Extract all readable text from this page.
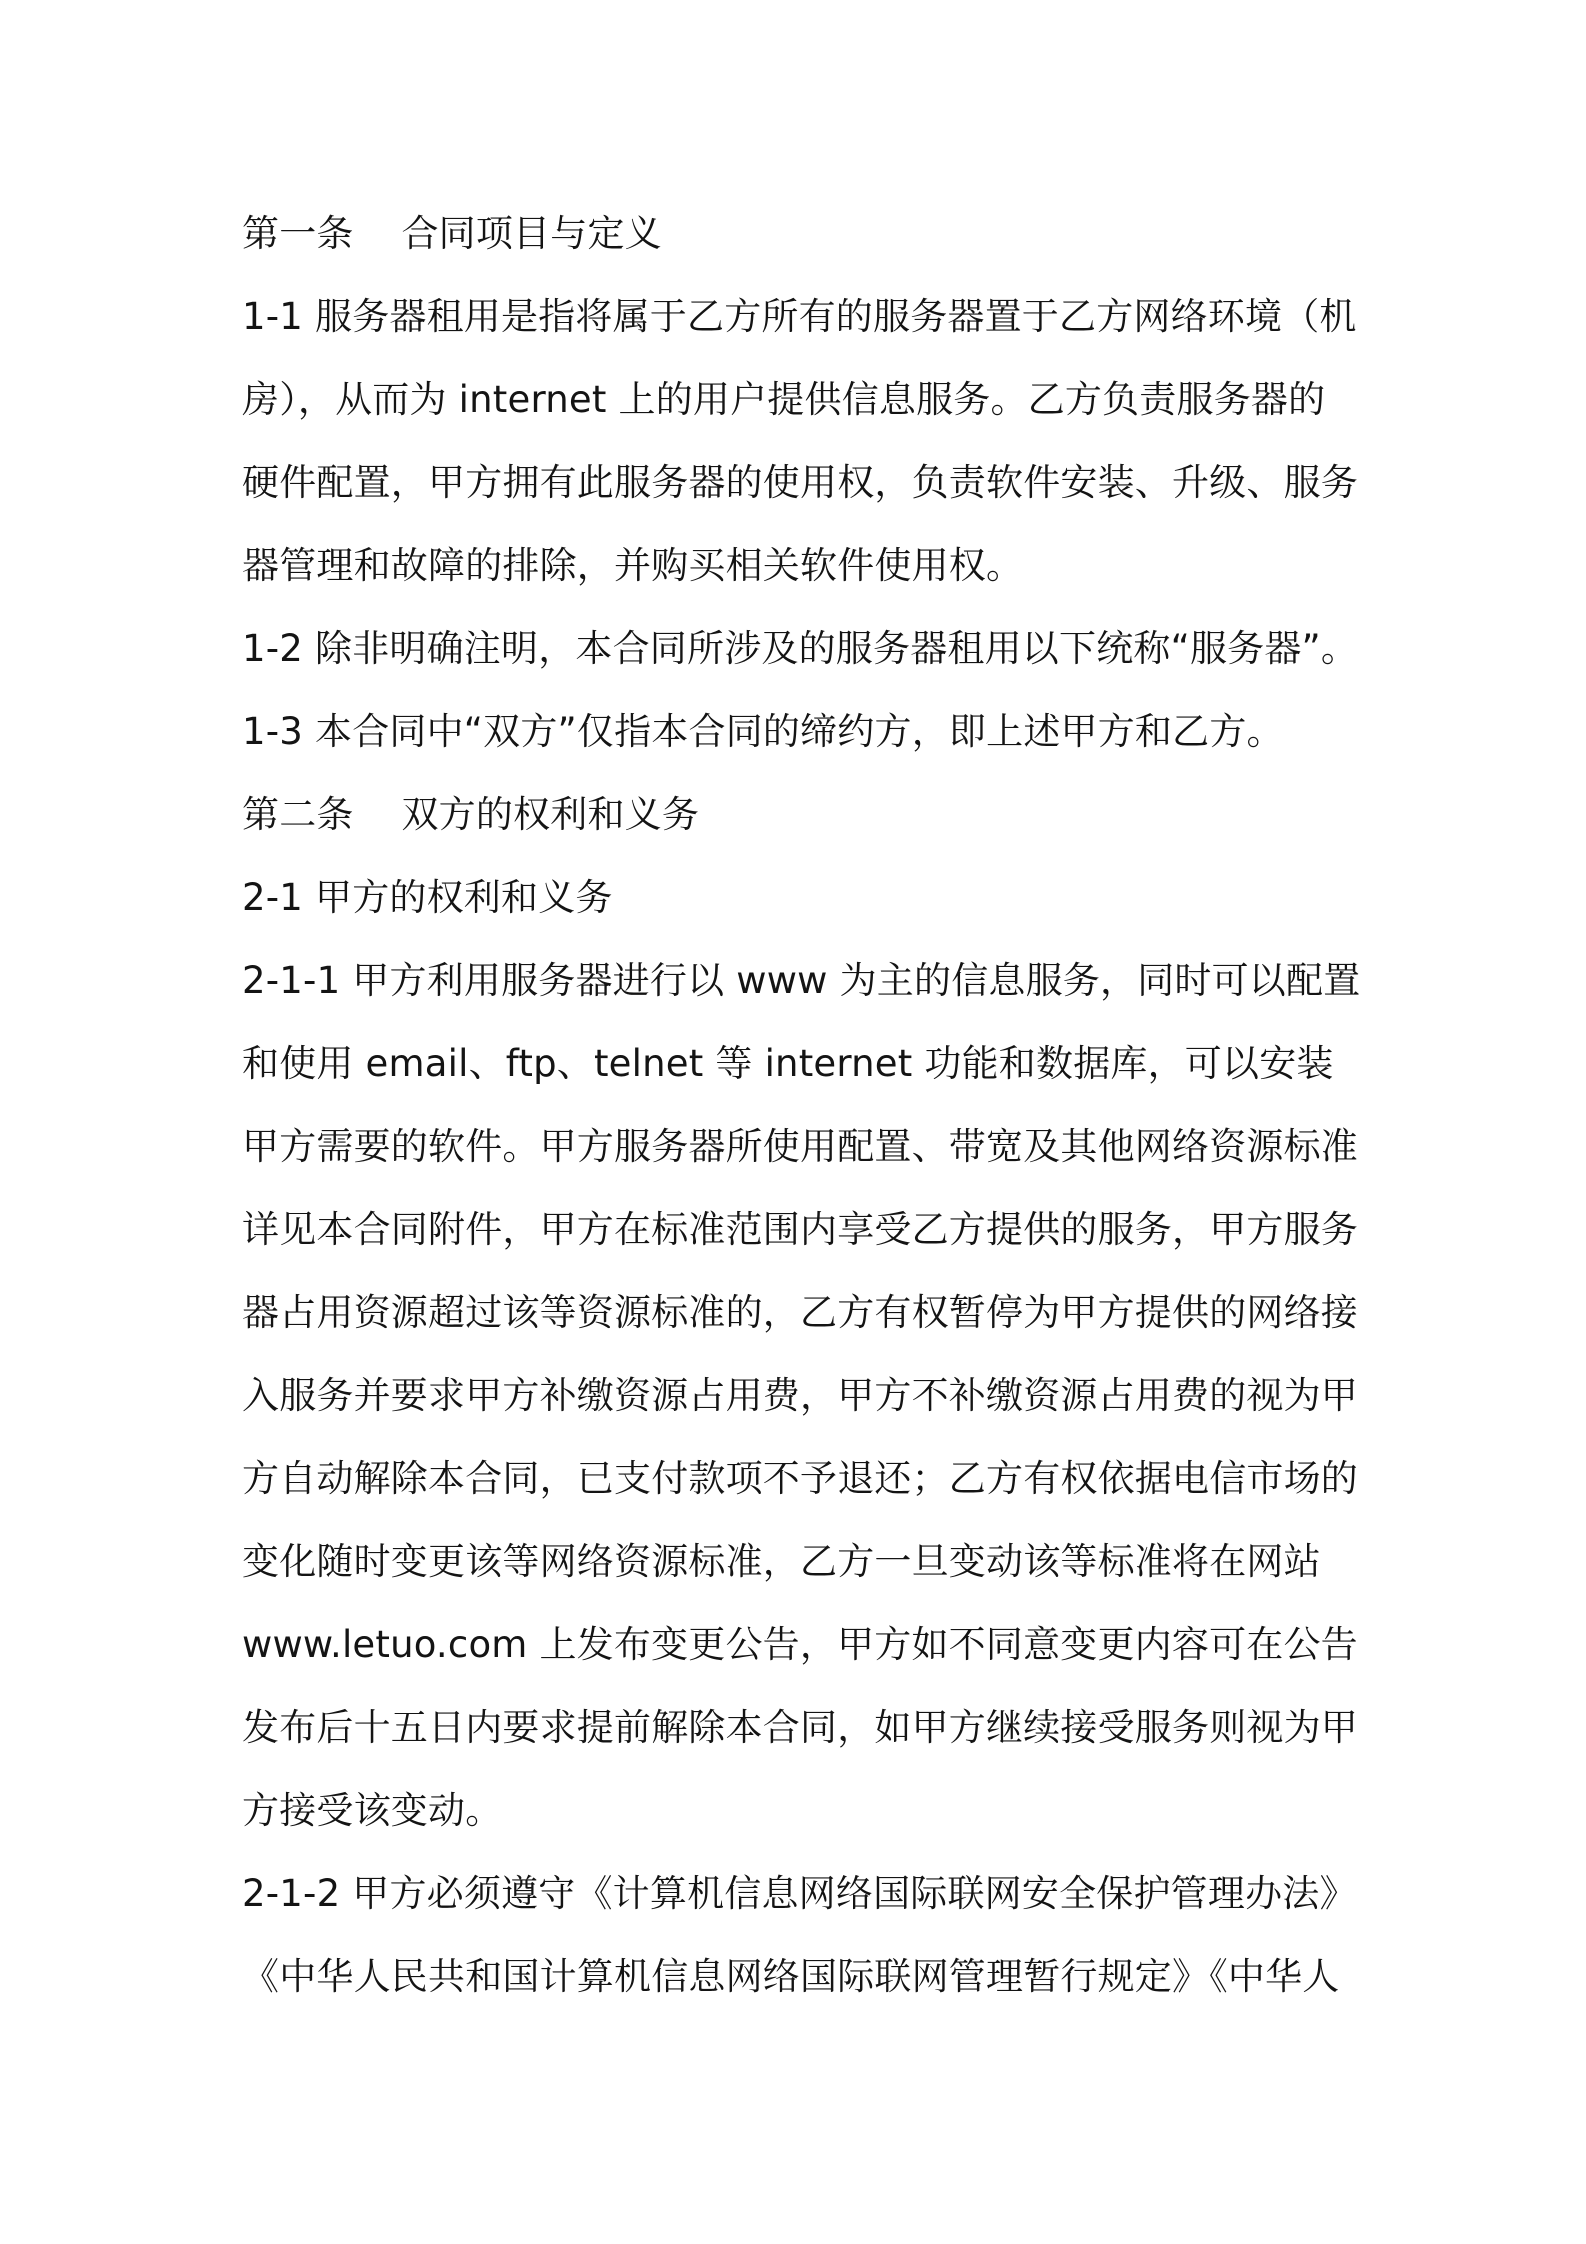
第一条    合同项目与定义

1-1 服务器租用是指将属于乙方所有的服务器置于乙方网络环境（机房），从而为 internet 上的用户提供信息服务。乙方负责服务器的硬件配置，甲方拥有此服务器的使用权，负责软件安装、升级、服务器管理和故障的排除，并购买相关软件使用权。

1-2 除非明确注明，本合同所涉及的服务器租用以下统称“服务器”。

1-3 本合同中“双方”仅指本合同的缔约方，即上述甲方和乙方。

第二条    双方的权利和义务

2-1 甲方的权利和义务

2-1-1 甲方利用服务器进行以 www 为主的信息服务，同时可以配置和使用 email、ftp、telnet 等 internet 功能和数据库，可以安装甲方需要的软件。甲方服务器所使用配置、带宽及其他网络资源标准详见本合同附件，甲方在标准范围内享受乙方提供的服务，甲方服务器占用资源超过该等资源标准的，乙方有权暂停为甲方提供的网络接入服务并要求甲方补缴资源占用费，甲方不补缴资源占用费的视为甲方自动解除本合同，已支付款项不予退还；乙方有权依据电信市场的变化随时变更该等网络资源标准，乙方一旦变动该等标准将在网站 www.letuo.com 上发布变更公告，甲方如不同意变更内容可在公告发布后十五日内要求提前解除本合同，如甲方继续接受服务则视为甲方接受该变动。

2-1-2 甲方必须遵守《计算机信息网络国际联网安全保护管理办法》《中华人民共和国计算机信息网络国际联网管理暂行规定》《中华人
